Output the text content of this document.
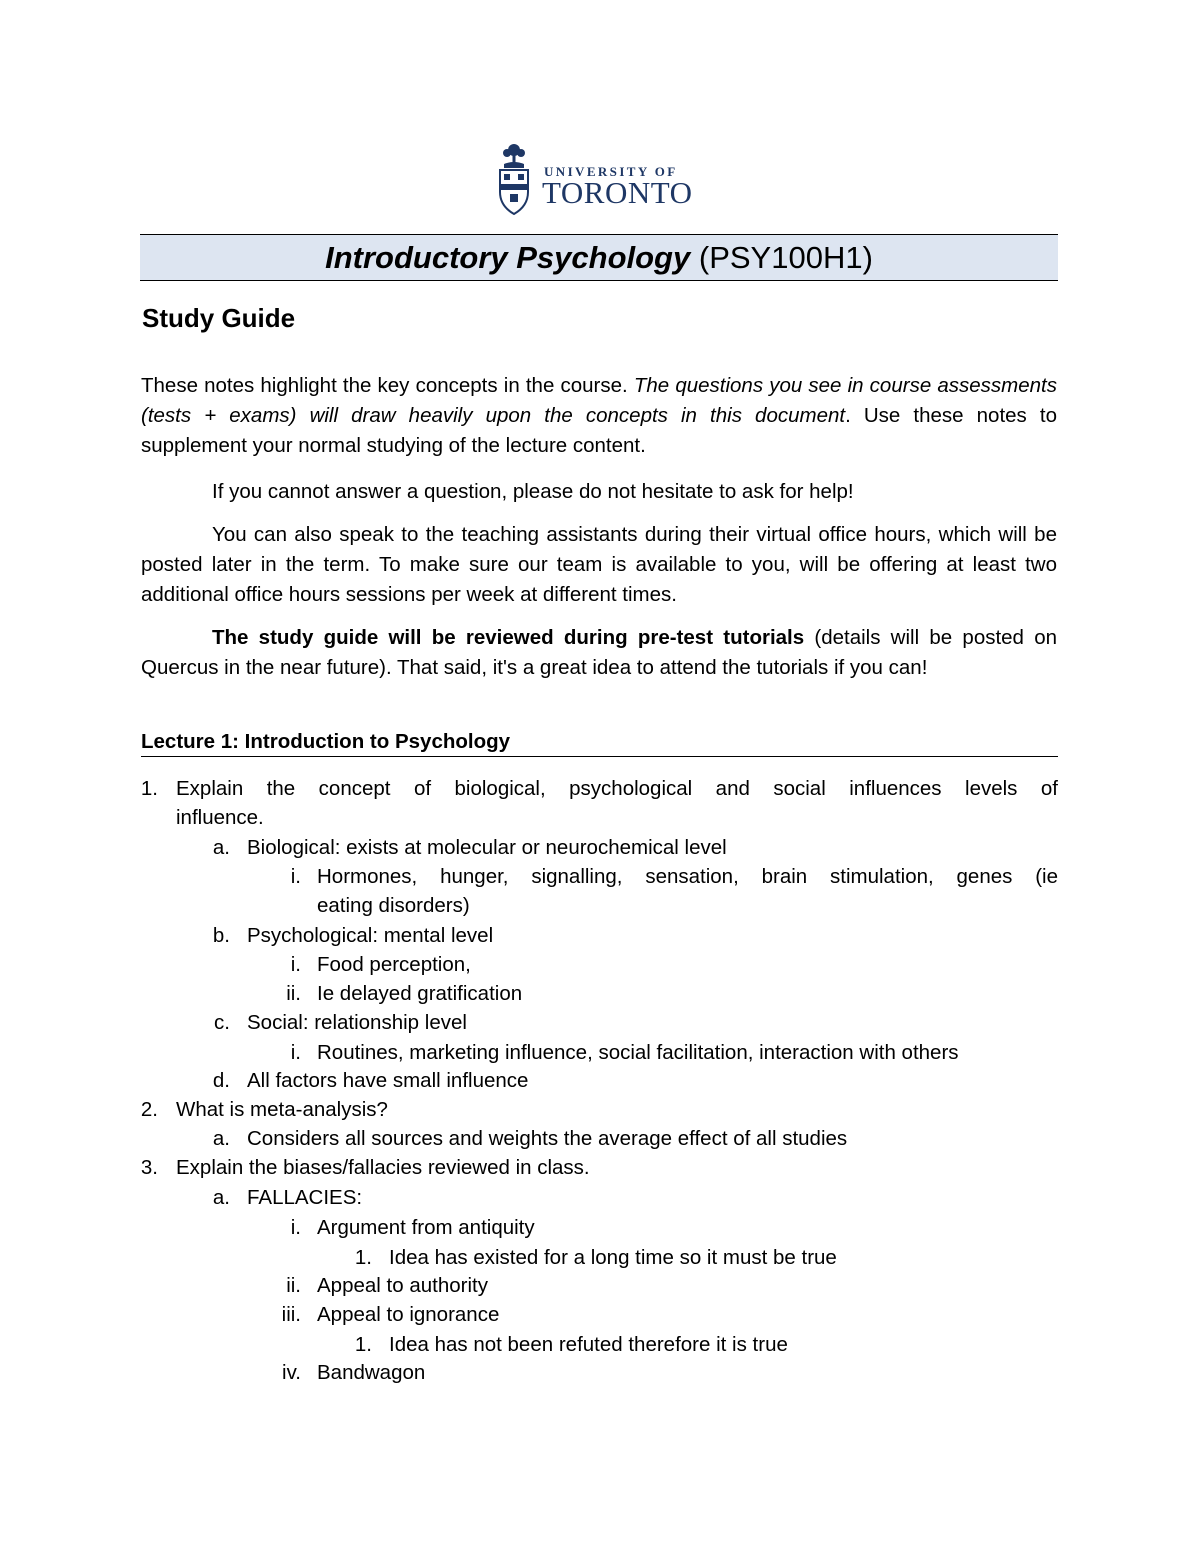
UNIVERSITY OF
TORONTO
Introductory Psychology (PSY100H1)
Study Guide
These notes highlight the key concepts in the course. The questions you see in course assessments (tests + exams) will draw heavily upon the concepts in this document. Use these notes to supplement your normal studying of the lecture content.
If you cannot answer a question, please do not hesitate to ask for help!
You can also speak to the teaching assistants during their virtual office hours, which will be posted later in the term. To make sure our team is available to you, will be offering at least two additional office hours sessions per week at different times.
The study guide will be reviewed during pre-test tutorials (details will be posted on Quercus in the near future). That said, it's a great idea to attend the tutorials if you can!
Lecture 1: Introduction to Psychology
1. Explain the concept of biological, psychological and social influences levels of
influence.
a. Biological: exists at molecular or neurochemical level
i. Hormones, hunger, signalling, sensation, brain stimulation, genes (ie
eating disorders)
b. Psychological: mental level
i. Food perception,
ii. Ie delayed gratification
c. Social: relationship level
i. Routines, marketing influence, social facilitation, interaction with others
d. All factors have small influence
2. What is meta-analysis?
a. Considers all sources and weights the average effect of all studies
3. Explain the biases/fallacies reviewed in class.
a. FALLACIES:
i. Argument from antiquity
1. Idea has existed for a long time so it must be true
ii. Appeal to authority
iii. Appeal to ignorance
1. Idea has not been refuted therefore it is true
iv. Bandwagon
